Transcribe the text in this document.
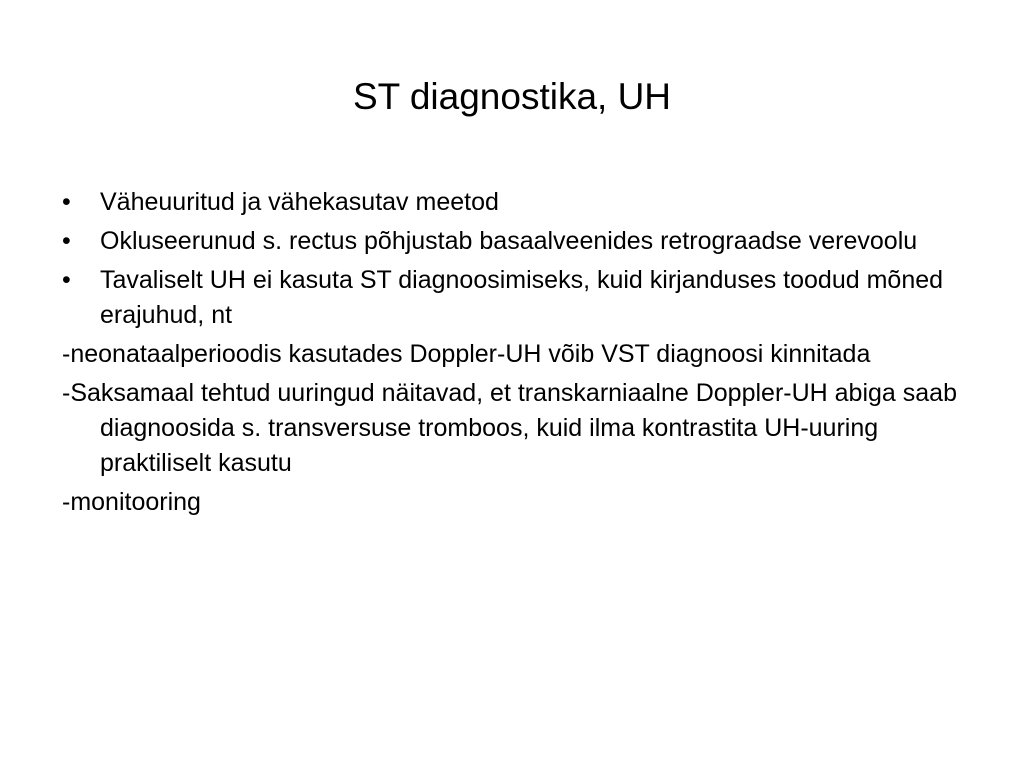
ST diagnostika, UH
• Väheuuritud ja vähekasutav meetod
• Okluseerunud s. rectus põhjustab basaalveenides retrograadse verevoolu
• Tavaliselt UH ei kasuta ST diagnoosimiseks, kuid kirjanduses toodud mõned erajuhud, nt
-neonataalperioodis kasutades Doppler-UH võib VST diagnoosi kinnitada
-Saksamaal tehtud uuringud näitavad, et transkarniaalne Doppler-UH abiga saab diagnoosida s. transversuse tromboos, kuid ilma kontrastita UH-uuring praktiliselt kasutu
-monitooring
